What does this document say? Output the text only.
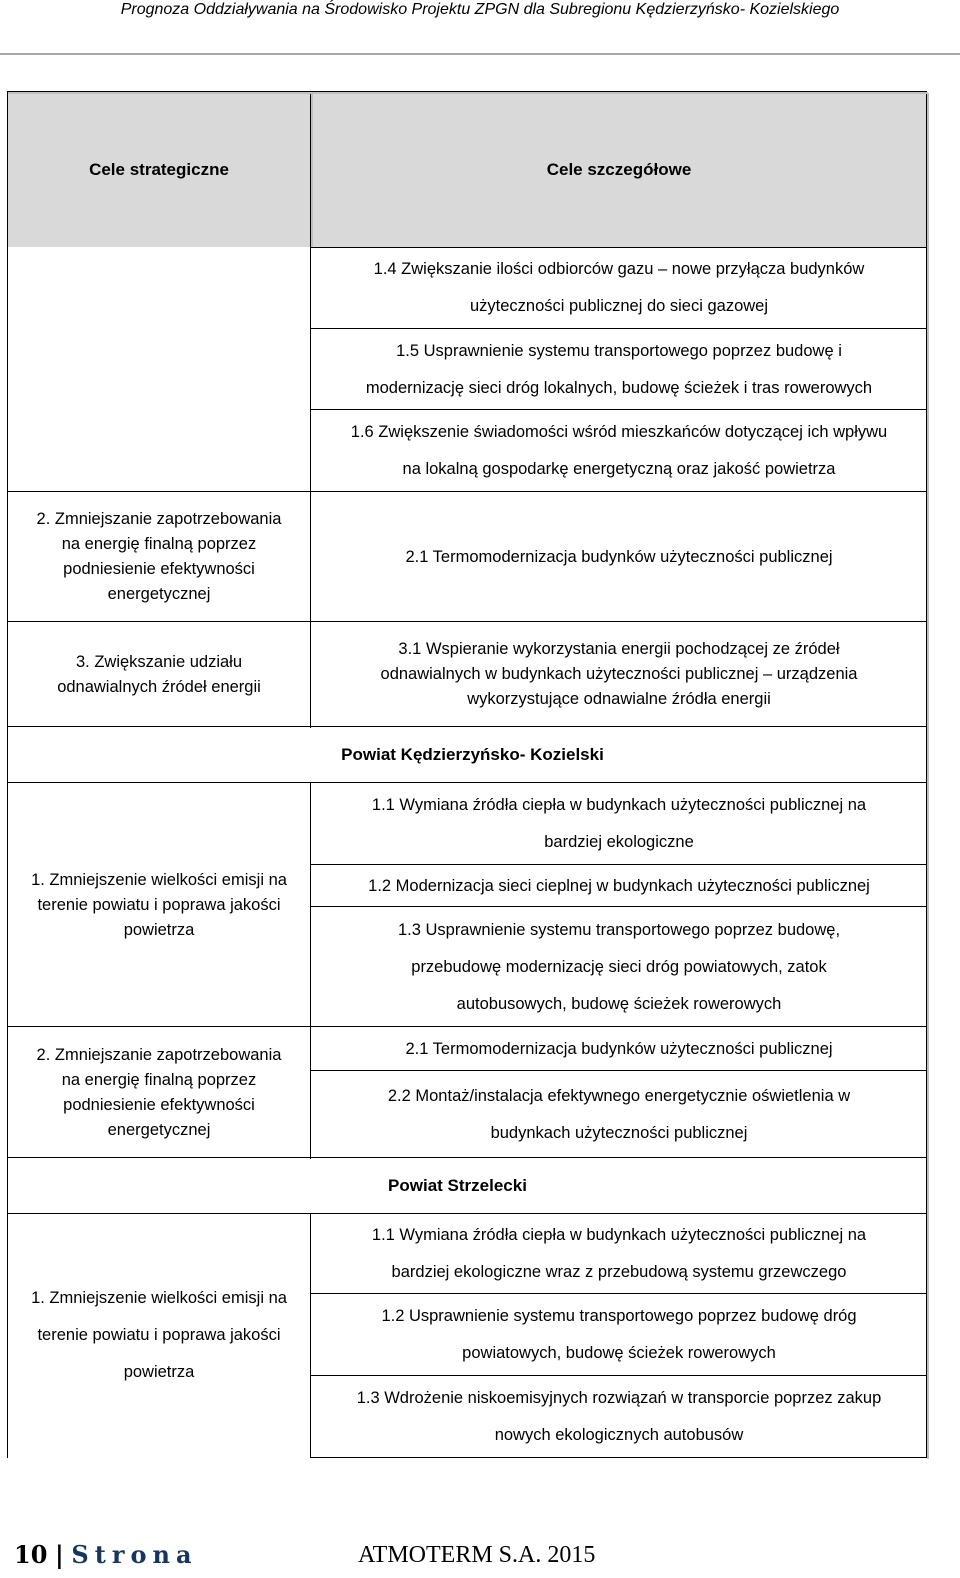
Prognoza Oddziaływania na Środowisko Projektu ZPGN dla Subregionu Kędzierzyńsko- Kozielskiego
Cele strategiczne	Cele szczegółowe
1.4 Zwiększanie ilości odbiorców gazu – nowe przyłącza budynków
użyteczności publicznej do sieci gazowej
1.5 Usprawnienie systemu transportowego poprzez budowę i
modernizację sieci dróg lokalnych, budowę ścieżek i tras rowerowych
1.6 Zwiększenie świadomości wśród mieszkańców dotyczącej ich wpływu
na lokalną gospodarkę energetyczną oraz jakość powietrza
2. Zmniejszanie zapotrzebowania
na energię finalną poprzez
podniesienie efektywności
energetycznej
2.1 Termomodernizacja budynków użyteczności publicznej
3. Zwiększanie udziału
odnawialnych źródeł energii
3.1 Wspieranie wykorzystania energii pochodzącej ze źródeł
odnawialnych w budynkach użyteczności publicznej – urządzenia
wykorzystujące odnawialne źródła energii
Powiat Kędzierzyńsko- Kozielski
1. Zmniejszenie wielkości emisji na
terenie powiatu i poprawa jakości
powietrza
1.1 Wymiana źródła ciepła w budynkach użyteczności publicznej na
bardziej ekologiczne
1.2 Modernizacja sieci cieplnej w budynkach użyteczności publicznej
1.3 Usprawnienie systemu transportowego poprzez budowę,
przebudowę modernizację sieci dróg powiatowych, zatok
autobusowych, budowę ścieżek rowerowych
2. Zmniejszanie zapotrzebowania
na energię finalną poprzez
podniesienie efektywności
energetycznej
2.1 Termomodernizacja budynków użyteczności publicznej
2.2 Montaż/instalacja efektywnego energetycznie oświetlenia w
budynkach użyteczności publicznej
Powiat Strzelecki
1. Zmniejszenie wielkości emisji na
terenie powiatu i poprawa jakości
powietrza
1.1 Wymiana źródła ciepła w budynkach użyteczności publicznej na
bardziej ekologiczne wraz z przebudową systemu grzewczego
1.2 Usprawnienie systemu transportowego poprzez budowę dróg
powiatowych, budowę ścieżek rowerowych
1.3 Wdrożenie niskoemisyjnych rozwiązań w transporcie poprzez zakup
nowych ekologicznych autobusów
10 | Strona	ATMOTERM S.A. 2015
